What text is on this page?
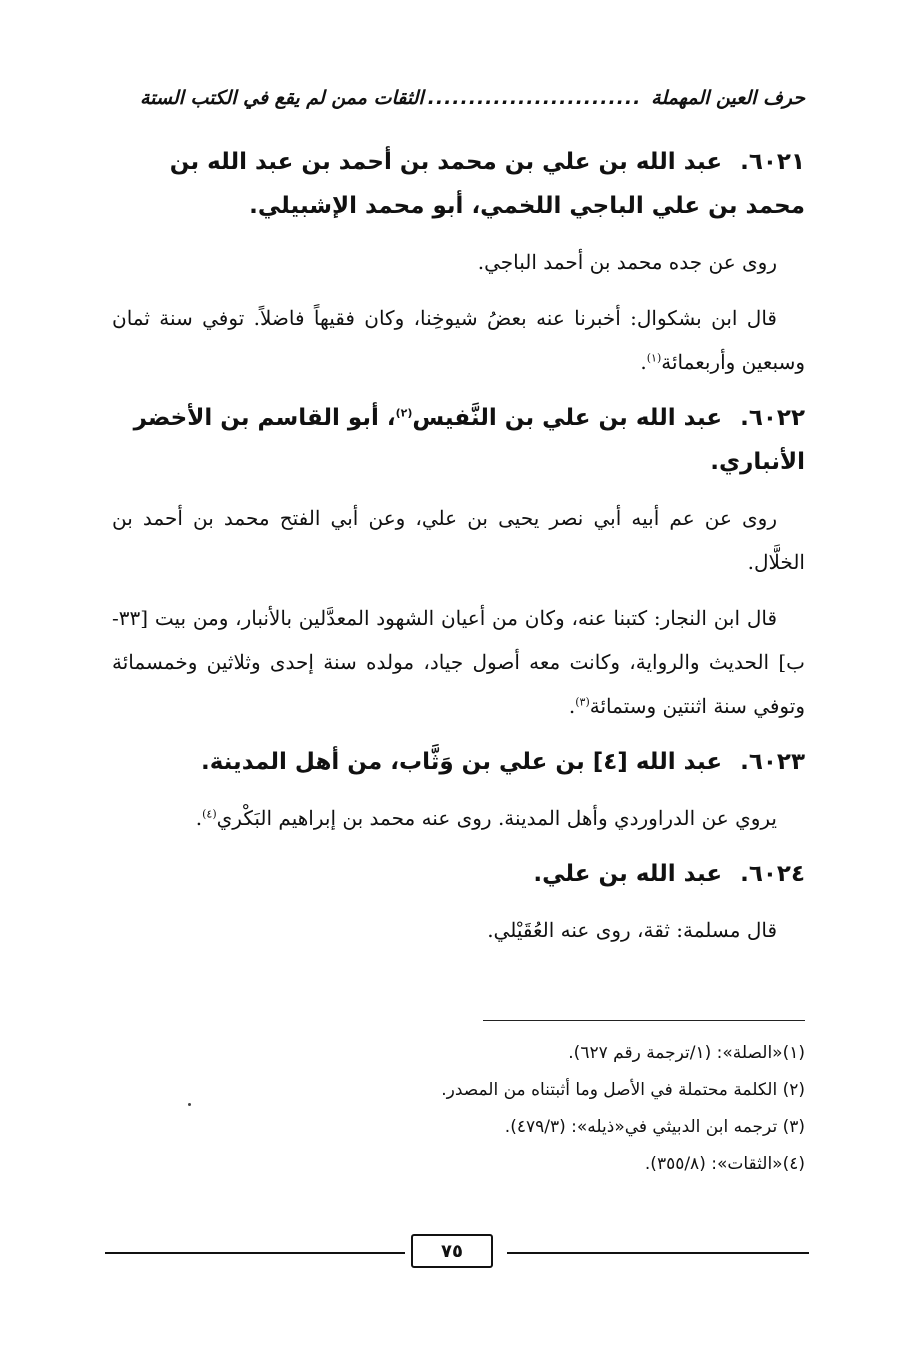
حرف العين المهملة
..........................
الثقات ممن لم يقع في الكتب الستة

٦٠٢١. عبد الله بن علي بن محمد بن أحمد بن عبد الله بن محمد بن علي الباجي اللخمي، أبو محمد الإشبيلي.

روى عن جده محمد بن أحمد الباجي.

قال ابن بشكوال: أخبرنا عنه بعضُ شيوخِنا، وكان فقيهاً فاضلاً. توفي سنة ثمان وسبعين وأربعمائة$^{(١)}$.

٦٠٢٢. عبد الله بن علي بن النَّفيس$^{(٢)}$، أبو القاسم بن الأخضر الأنباري.

روى عن عم أبيه أبي نصر يحيى بن علي، وعن أبي الفتح محمد بن أحمد بن الخلَّال.

قال ابن النجار: كتبنا عنه، وكان من أعيان الشهود المعدَّلين بالأنبار، ومن بيت [٣٣-ب] الحديث والرواية، وكانت معه أصول جياد، مولده سنة إحدى وثلاثين وخمسمائة وتوفي سنة اثنتين وستمائة$^{(٣)}$.

٦٠٢٣. عبد الله [٤] بن علي بن وَثَّاب، من أهل المدينة.

يروي عن الدراوردي وأهل المدينة. روى عنه محمد بن إبراهيم البَكْري$^{(٤)}$.

٦٠٢٤. عبد الله بن علي.

قال مسلمة: ثقة، روى عنه العُقَيْلي.

(١)«الصلة»: (١/ترجمة رقم ٦٢٧).
(٢) الكلمة محتملة في الأصل وما أثبتناه من المصدر.
(٣) ترجمه ابن الدبيثي في«ذيله»: (٤٧٩/٣).
(٤)«الثقات»: (٣٥٥/٨).
٧٥
